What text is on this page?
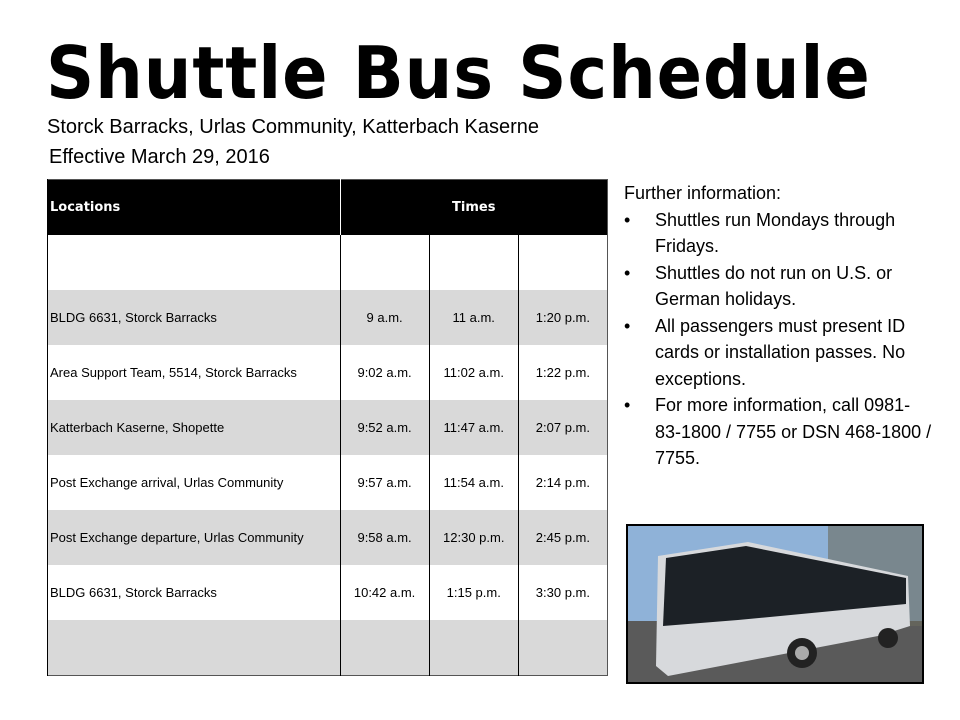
Shuttle Bus Schedule
Storck Barracks, Urlas Community, Katterbach Kaserne
Effective March 29, 2016
Locations	Times		

BLDG 6631, Storck Barracks	9 a.m.	11 a.m.	1:20 p.m.
Area Support Team, 5514, Storck Barracks	9:02 a.m.	11:02 a.m.	1:22 p.m.
Katterbach Kaserne, Shopette	9:52 a.m.	11:47 a.m.	2:07 p.m.
Post Exchange arrival, Urlas Community	9:57 a.m.	11:54 a.m.	2:14 p.m.
Post Exchange departure, Urlas Community	9:58 a.m.	12:30 p.m.	2:45 p.m.
BLDG 6631, Storck Barracks	10:42 a.m.	1:15 p.m.	3:30 p.m.

Further information:
• Shuttles run Mondays through Fridays.
• Shuttles do not run on U.S. or German holidays.
• All passengers must present ID cards or installation passes. No exceptions.
• For more information, call 0981-83-1800 / 7755 or DSN 468-1800 / 7755.
